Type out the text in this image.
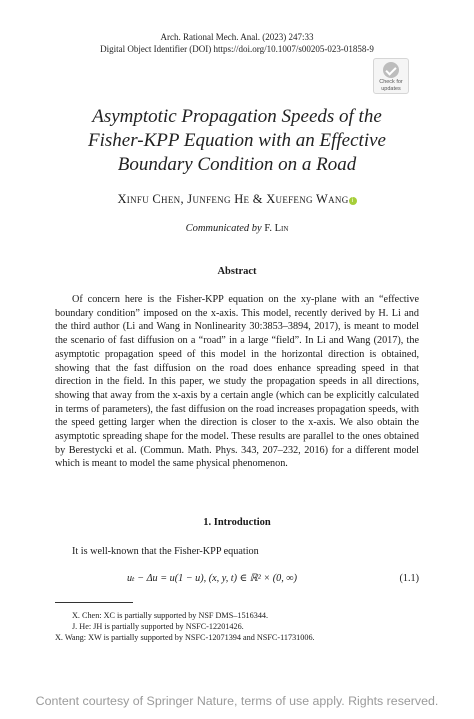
Arch. Rational Mech. Anal. (2023) 247:33
Digital Object Identifier (DOI) https://doi.org/10.1007/s00205-023-01858-9
Check for
updates
Asymptotic Propagation Speeds of the
Fisher-KPP Equation with an Effective
Boundary Condition on a Road
Xinfu Chen, Junfeng He & Xuefeng Wang i
Communicated by F. Lin
Abstract
Of concern here is the Fisher-KPP equation on the xy-plane with an “effective boundary condition” imposed on the x-axis. This model, recently derived by H. Li and the third author (Li and Wang in Nonlinearity 30:3853–3894, 2017), is meant to model the scenario of fast diffusion on a “road” in a large “field”. In Li and Wang (2017), the asymptotic propagation speed of this model in the horizontal direction is obtained, showing that the fast diffusion on the road does enhance spreading speed in that direction in the field. In this paper, we study the propagation speeds in all directions, showing that away from the x-axis by a certain angle (which can be explicitly calculated in terms of parameters), the fast diffusion on the road increases propagation speeds, with the speed getting larger when the direction is closer to the x-axis. We also obtain the asymptotic spreading shape for the model. These results are parallel to the ones obtained by Berestycki et al. (Commun. Math. Phys. 343, 207–232, 2016) for a different model which is meant to model the same physical phenomenon.
1. Introduction
It is well-known that the Fisher-KPP equation
uₜ − Δu = u(1 − u), (x, y, t) ∈ ℝ² × (0, ∞)	(1.1)
X. Chen: XC is partially supported by NSF DMS–1516344.
J. He: JH is partially supported by NSFC-12201426.
X. Wang: XW is partially supported by NSFC-12071394 and NSFC-11731006.
Content courtesy of Springer Nature, terms of use apply. Rights reserved.
